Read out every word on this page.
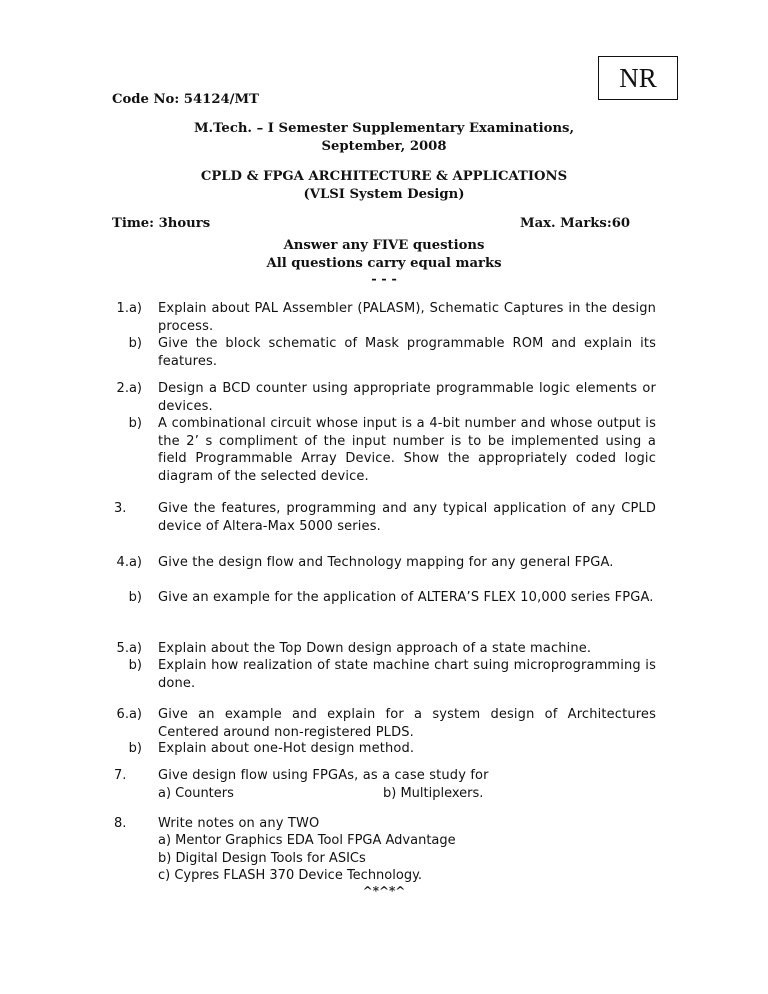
NR
Code No: 54124/MT
M.Tech. – I Semester Supplementary Examinations,
September, 2008
CPLD & FPGA ARCHITECTURE & APPLICATIONS
(VLSI System Design)
Time: 3hours	Max. Marks:60
Answer any FIVE questions
All questions carry equal marks
- - -
1.a) Explain about PAL Assembler (PALASM), Schematic Captures in the design process.
b) Give the block schematic of Mask programmable ROM and explain its features.
2.a) Design a BCD counter using appropriate programmable logic elements or devices.
b) A combinational circuit whose input is a 4-bit number and whose output is the 2’ s compliment of the input number is to be implemented using a field Programmable Array Device. Show the appropriately coded logic diagram of the selected device.
3. Give the features, programming and any typical application of any CPLD device of Altera-Max 5000 series.
4.a) Give the design flow and Technology mapping for any general FPGA.
b) Give an example for the application of ALTERA’S FLEX 10,000 series FPGA.
5.a) Explain about the Top Down design approach of a state machine.
b) Explain how realization of state machine chart suing microprogramming is done.
6.a) Give an example and explain for a system design of Architectures Centered around non-registered PLDS.
b) Explain about one-Hot design method.
7. Give design flow using FPGAs, as a case study for
a) Counters	b) Multiplexers.
8. Write notes on any TWO
a) Mentor Graphics EDA Tool FPGA Advantage
b) Digital Design Tools for ASICs
c) Cypres FLASH 370 Device Technology.
^*^*^
